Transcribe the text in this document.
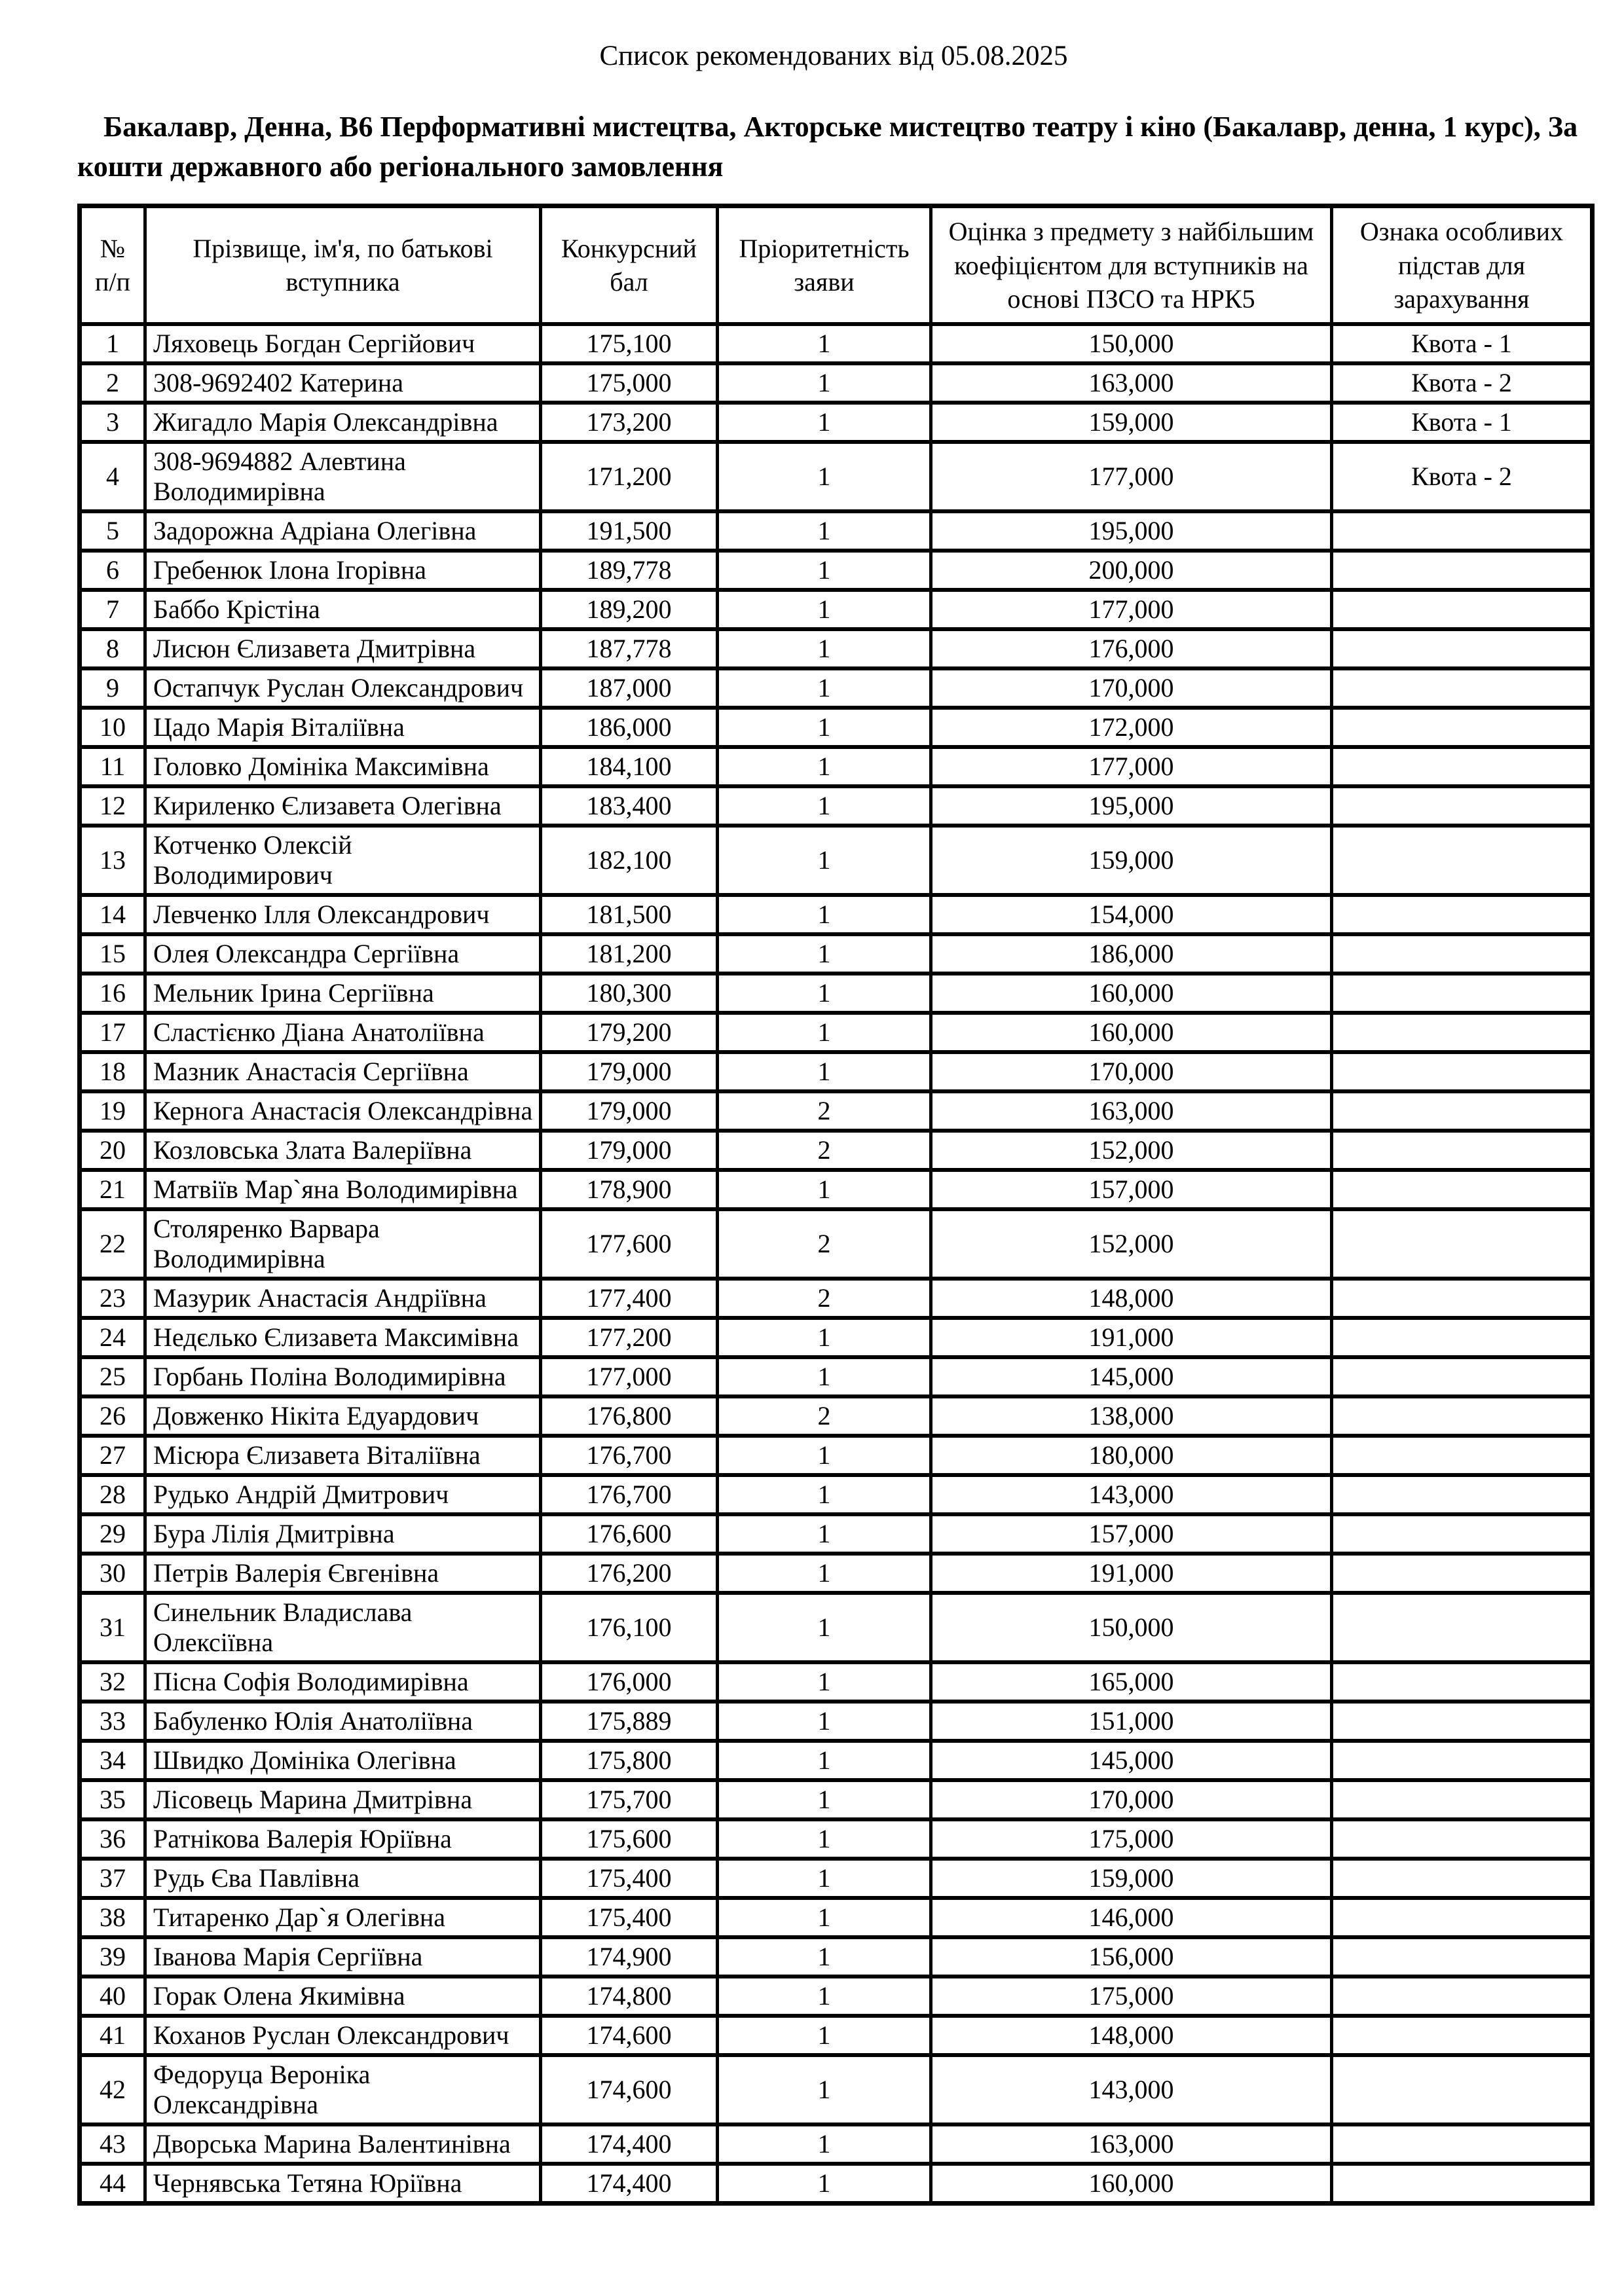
Список рекомендованих від 05.08.2025
Бакалавр, Денна, В6 Перформативні мистецтва, Акторське мистецтво театру і кіно (Бакалавр, денна, 1 курс), За кошти державного або регіонального замовлення
№ п/п	Прізвище, ім'я, по батькові вступника	Конкурсний бал	Пріоритетність заяви	Оцінка з предмету з найбільшим коефіцієнтом для вступників на основі ПЗСО та НРК5	Ознака особливих підстав для зарахування
1	Ляховець Богдан Сергійович	175,100	1	150,000	Квота - 1
2	308-9692402 Катерина	175,000	1	163,000	Квота - 2
3	Жигадло Марія Олександрівна	173,200	1	159,000	Квота - 1
4	308-9694882 Алевтина Володимирівна	171,200	1	177,000	Квота - 2
5	Задорожна Адріана Олегівна	191,500	1	195,000	
6	Гребенюк Ілона Ігорівна	189,778	1	200,000	
7	Баббо Крістіна	189,200	1	177,000	
8	Лисюн Єлизавета Дмитрівна	187,778	1	176,000	
9	Остапчук Руслан Олександрович	187,000	1	170,000	
10	Цадо Марія Віталіївна	186,000	1	172,000	
11	Головко Домініка Максимівна	184,100	1	177,000	
12	Кириленко Єлизавета Олегівна	183,400	1	195,000	
13	Котченко Олексій Володимирович	182,100	1	159,000	
14	Левченко Ілля Олександрович	181,500	1	154,000	
15	Олея Олександра Сергіївна	181,200	1	186,000	
16	Мельник Ірина Сергіївна	180,300	1	160,000	
17	Сластієнко Діана Анатоліївна	179,200	1	160,000	
18	Мазник Анастасія Сергіївна	179,000	1	170,000	
19	Кернога Анастасія Олександрівна	179,000	2	163,000	
20	Козловська Злата Валеріївна	179,000	2	152,000	
21	Матвіїв Мар`яна Володимирівна	178,900	1	157,000	
22	Столяренко Варвара Володимирівна	177,600	2	152,000	
23	Мазурик Анастасія Андріївна	177,400	2	148,000	
24	Недєлько Єлизавета Максимівна	177,200	1	191,000	
25	Горбань Поліна Володимирівна	177,000	1	145,000	
26	Довженко Нікіта Едуардович	176,800	2	138,000	
27	Місюра Єлизавета Віталіївна	176,700	1	180,000	
28	Рудько Андрій Дмитрович	176,700	1	143,000	
29	Бура Лілія Дмитрівна	176,600	1	157,000	
30	Петрів Валерія Євгенівна	176,200	1	191,000	
31	Синельник Владислава Олексіївна	176,100	1	150,000	
32	Пісна Софія Володимирівна	176,000	1	165,000	
33	Бабуленко Юлія Анатоліївна	175,889	1	151,000	
34	Швидко Домініка Олегівна	175,800	1	145,000	
35	Лісовець Марина Дмитрівна	175,700	1	170,000	
36	Ратнікова Валерія Юріївна	175,600	1	175,000	
37	Рудь Єва Павлівна	175,400	1	159,000	
38	Титаренко Дар`я Олегівна	175,400	1	146,000	
39	Іванова Марія Сергіївна	174,900	1	156,000	
40	Горак Олена Якимівна	174,800	1	175,000	
41	Коханов Руслан Олександрович	174,600	1	148,000	
42	Федоруца Вероніка Олександрівна	174,600	1	143,000	
43	Дворська Марина Валентинівна	174,400	1	163,000	
44	Чернявська Тетяна Юріївна	174,400	1	160,000	
